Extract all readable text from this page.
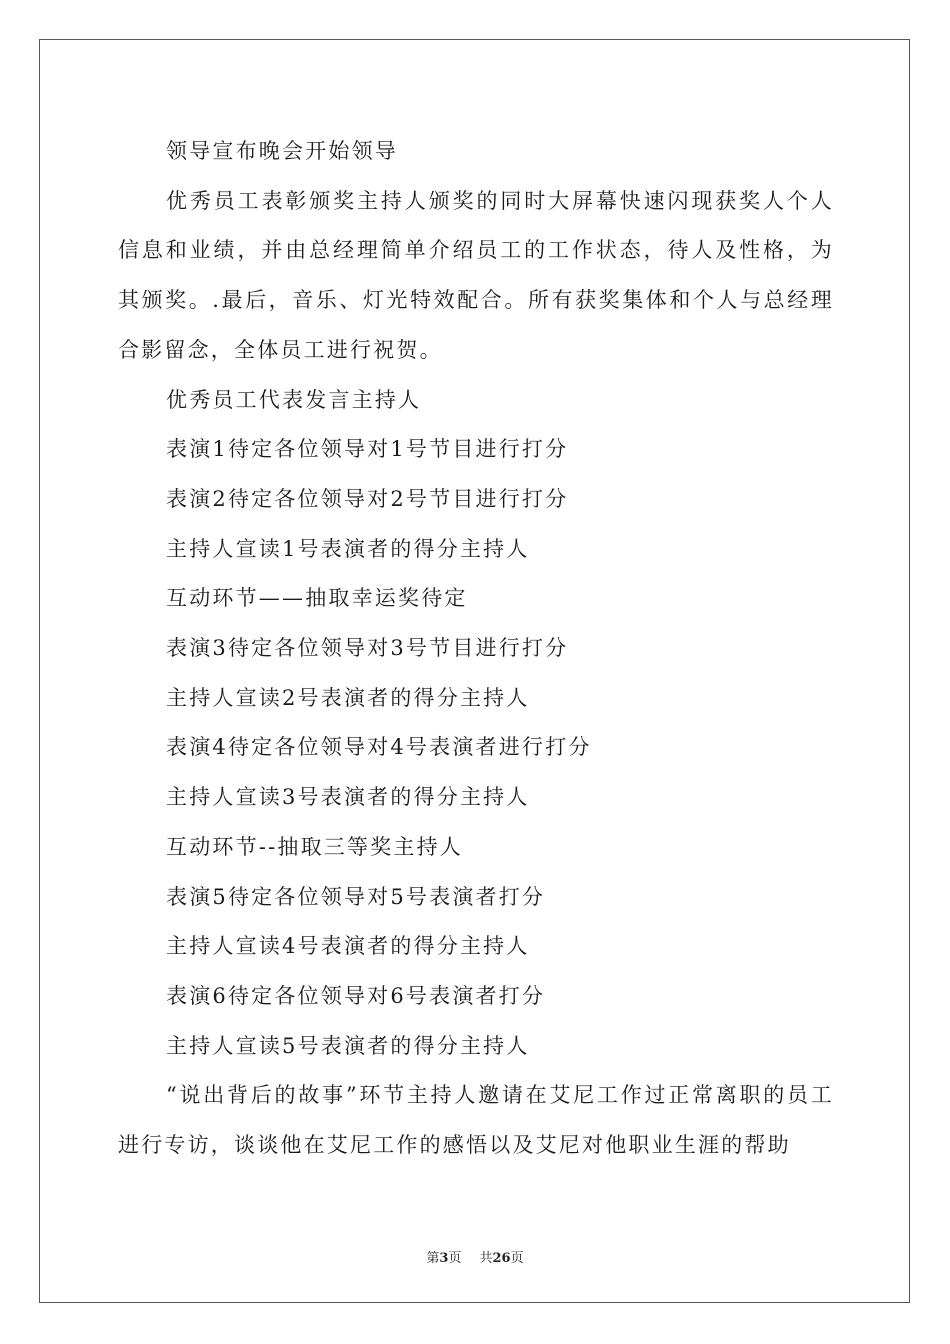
领导宣布晚会开始领导

优秀员工表彰颁奖主持人颁奖的同时大屏幕快速闪现获奖人个人信息和业绩，并由总经理简单介绍员工的工作状态，待人及性格，为其颁奖。.最后，音乐、灯光特效配合。所有获奖集体和个人与总经理合影留念，全体员工进行祝贺。

优秀员工代表发言主持人

表演1待定各位领导对1号节目进行打分

表演2待定各位领导对2号节目进行打分

主持人宣读1号表演者的得分主持人

互动环节——抽取幸运奖待定

表演3待定各位领导对3号节目进行打分

主持人宣读2号表演者的得分主持人

表演4待定各位领导对4号表演者进行打分

主持人宣读3号表演者的得分主持人

互动环节--抽取三等奖主持人

表演5待定各位领导对5号表演者打分

主持人宣读4号表演者的得分主持人

表演6待定各位领导对6号表演者打分

主持人宣读5号表演者的得分主持人

“说出背后的故事”环节主持人邀请在艾尼工作过正常离职的员工进行专访，谈谈他在艾尼工作的感悟以及艾尼对他职业生涯的帮助

第3页 共26页
